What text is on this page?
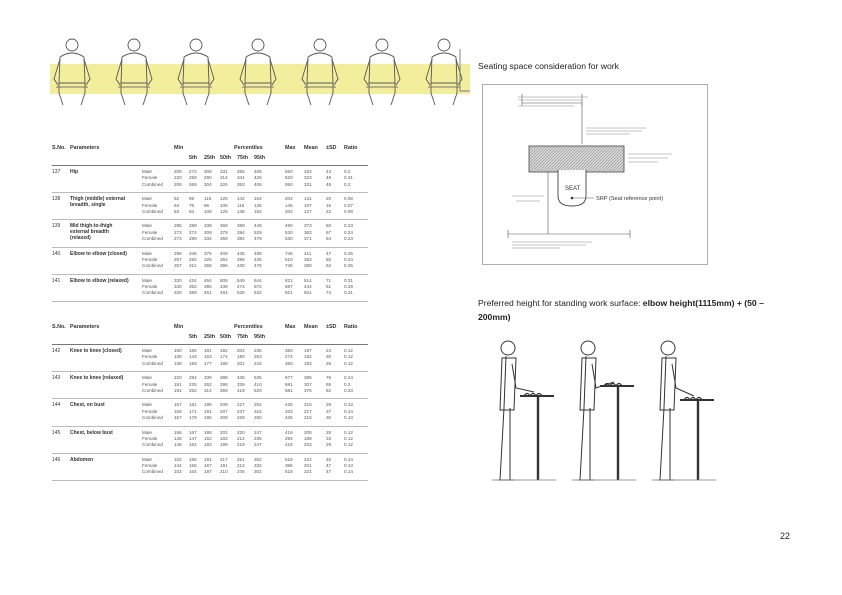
S.No. Parameters	Min	Percentiles
5th 25th 50th 75th 95th
Max Mean ±SD Ratio
137 Hip	Male	209 272 309 331 355 405	550 334	43	0.2
Female	220 259 290 314 341 425	520 323	49	0.21
Combined 209 269 304 326 353 406	550 331	45	0.2
138 Thigh (middle) external breadth, single
Male	82 99 116 125 142 164	204 131	20	0.08
Female	53 75 96 105 116 136	145 107	16	0.07
Combined 53 94 109 125 138 162	204 127	22	0.08
139 Mid thigh-to-thigh external breadth (relaxed)
Male	285 289 339 369 399 449	490 373	50	0.23
Female	273 274 309 379 394 529	530 363	67	0.24
Combined 273 289 334 369 394 479	530 371	54	0.23
140 Elbow to elbow (closed)	Male	296 346 375 409 435 489	746 411	47	0.25
Female	257 282 325 364 399 435	510 363	50	0.24
Combined 257 311 366 396 430 476	746 398	52	0.25
141 Elbow to elbow (relaxed)	Male	330 424 464 505 549 644	821 514	71	0.31
Female	340 352 395 439 474 572	587 444	61	0.29
Combined 330 389 451 494 539 632	821 501	74	0.31
S.No. Parameters	Min	Percentiles
5th 25th 50th 75th 95th
Max Mean ±SD Ratio
142 Knee to knee (closed)	Male	160 166 181 192 204 235	360 197	24	0.12
Female	138 143 163 174 190 253	274 182	30	0.12
Combined 138 159 177 189 201 243	360 193	26	0.12
143 Knee to knee (relaxed)	Male	220 284 339 388 438 535	677 395	76	0.24
Female	191 225 262 298 339 410	681 307	65	0.2
Combined 191 252 314 369 419 529	681 375	82	0.23
144 Chest, on bust	Male	157 181 196 209 227 254	425 215	28	0.13
Female	158 171 191 207 237 315	333 217	37	0.14
Combined 157 179 195 209 229 260	425 215	30	0.13
145 Chest, below bust	Male	156 167 188 201 220 247	416 205	28	0.12
Female	146 147 162 183 212 235	294 189	33	0.12
Combined 146 164 183 199 219 247	416 203	29	0.12
146 Abdomen	Male	102 166 191 217 251 302	518 224	46	0.14
Female	144 155 167 191 212 332	395 201	47	0.13
Combined 102 164 187 210 245 302	518 221	47	0.14
Seating space consideration for work
SEAT
SRP (Seat reference point)
Preferred height for standing work surface: elbow height(1115mm) + (50 – 200mm)
22
